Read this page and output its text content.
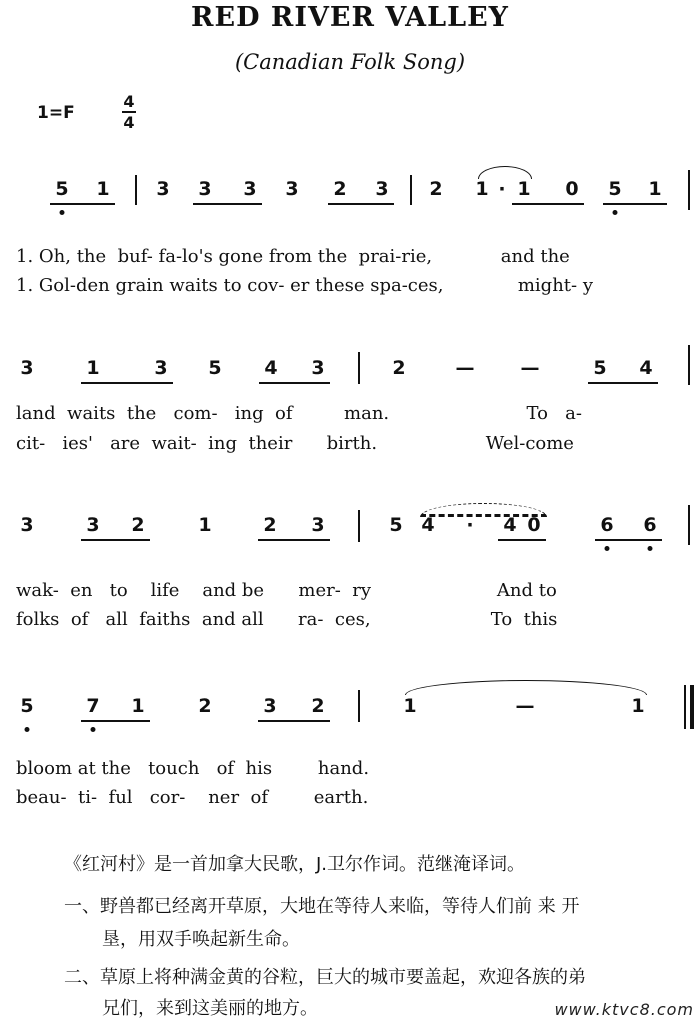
RED RIVER VALLEY
(Canadian Folk Song)
1=F
4
4
5 1 3 3 3 3 2 3 2 1 · 1 0 5 1
3	1	3 5 4 3	2	— —	5 4
3	3 2	1	2 3	5 4 · 4 0	6 6
5	7 1	2	3 2	1	—	1
1. Oh, the  buf- fa-lo's gone from the  prai-rie,            and the
1. Gol-den grain waits to cov- er these spa-ces,             might- y
land  waits  the   com-   ing  of         man.                        To   a-
cit-   ies'   are  wait-  ing  their      birth.                   Wel-come
wak-  en   to    life    and be      mer-  ry                      And to
folks  of   all  faiths  and all      ra-  ces,                     To  this
bloom at the   touch   of  his        hand.
beau-  ti-  ful   cor-    ner  of        earth.
《红河村》是一首加拿大民歌，J.卫尔作词。范继淹译词。
一、野兽都已经离开草原，大地在等待人来临，等待人们前 来 开
垦，用双手唤起新生命。
二、草原上将种满金黄的谷粒，巨大的城市要盖起，欢迎各族的弟
兄们，来到这美丽的地方。	www.ktvc8.com
